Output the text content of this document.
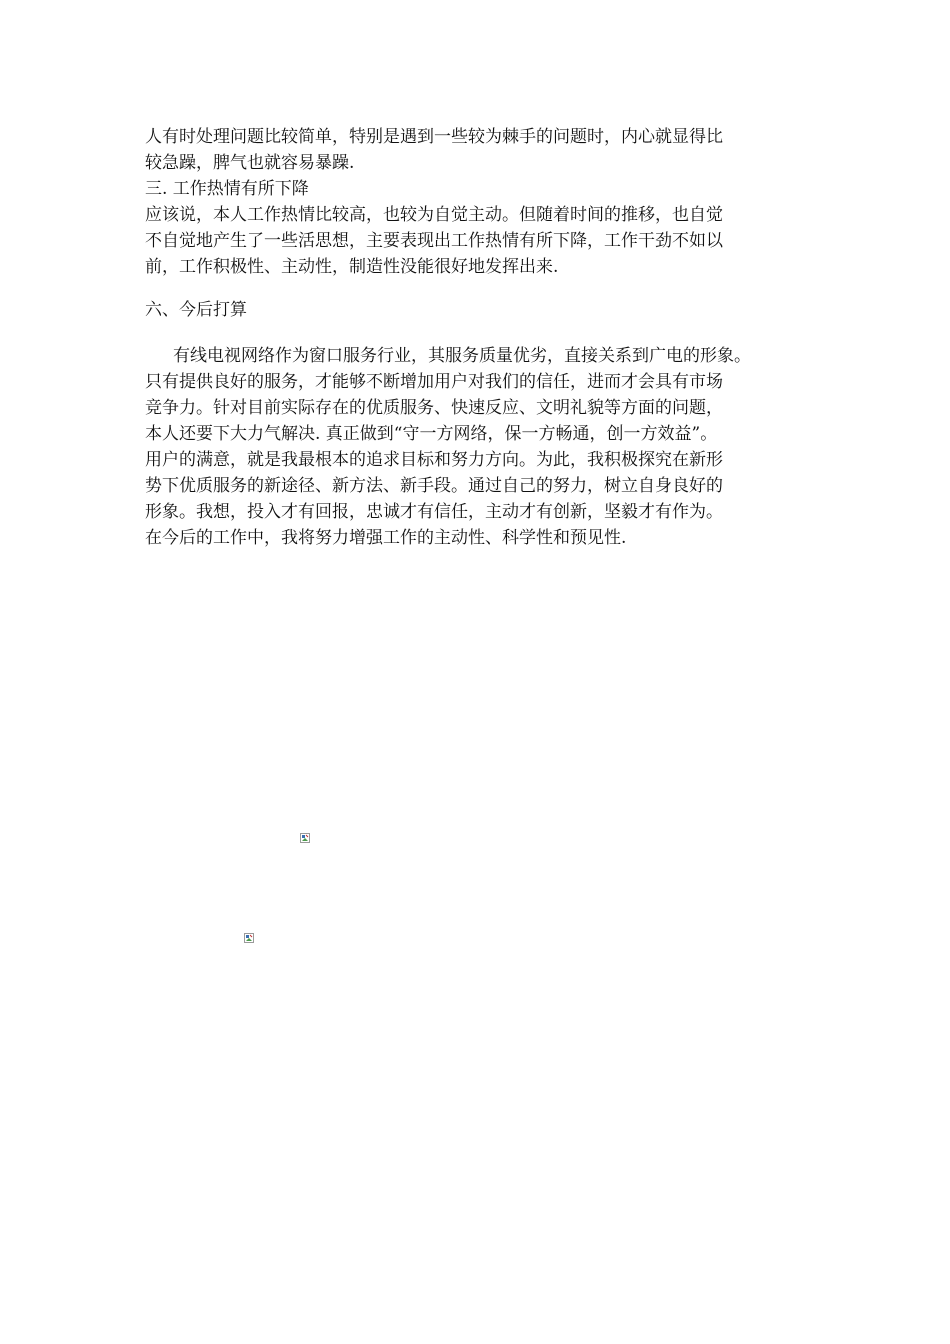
人有时处理问题比较简单，特别是遇到一些较为棘手的问题时，内心就显得比
较急躁，脾气也就容易暴躁.
三. 工作热情有所下降
应该说，本人工作热情比较高，也较为自觉主动。但随着时间的推移，也自觉
不自觉地产生了一些活思想，主要表现出工作热情有所下降，工作干劲不如以
前，工作积极性、主动性，制造性没能很好地发挥出来.
六、今后打算
有线电视网络作为窗口服务行业，其服务质量优劣，直接关系到广电的形象。
只有提供良好的服务，才能够不断增加用户对我们的信任，进而才会具有市场
竞争力。针对目前实际存在的优质服务、快速反应、文明礼貌等方面的问题，
本人还要下大力气解决. 真正做到“守一方网络，保一方畅通，创一方效益”。
用户的满意，就是我最根本的追求目标和努力方向。为此，我积极探究在新形
势下优质服务的新途径、新方法、新手段。通过自己的努力，树立自身良好的
形象。我想，投入才有回报，忠诚才有信任，主动才有创新，坚毅才有作为。
在今后的工作中，我将努力增强工作的主动性、科学性和预见性.
